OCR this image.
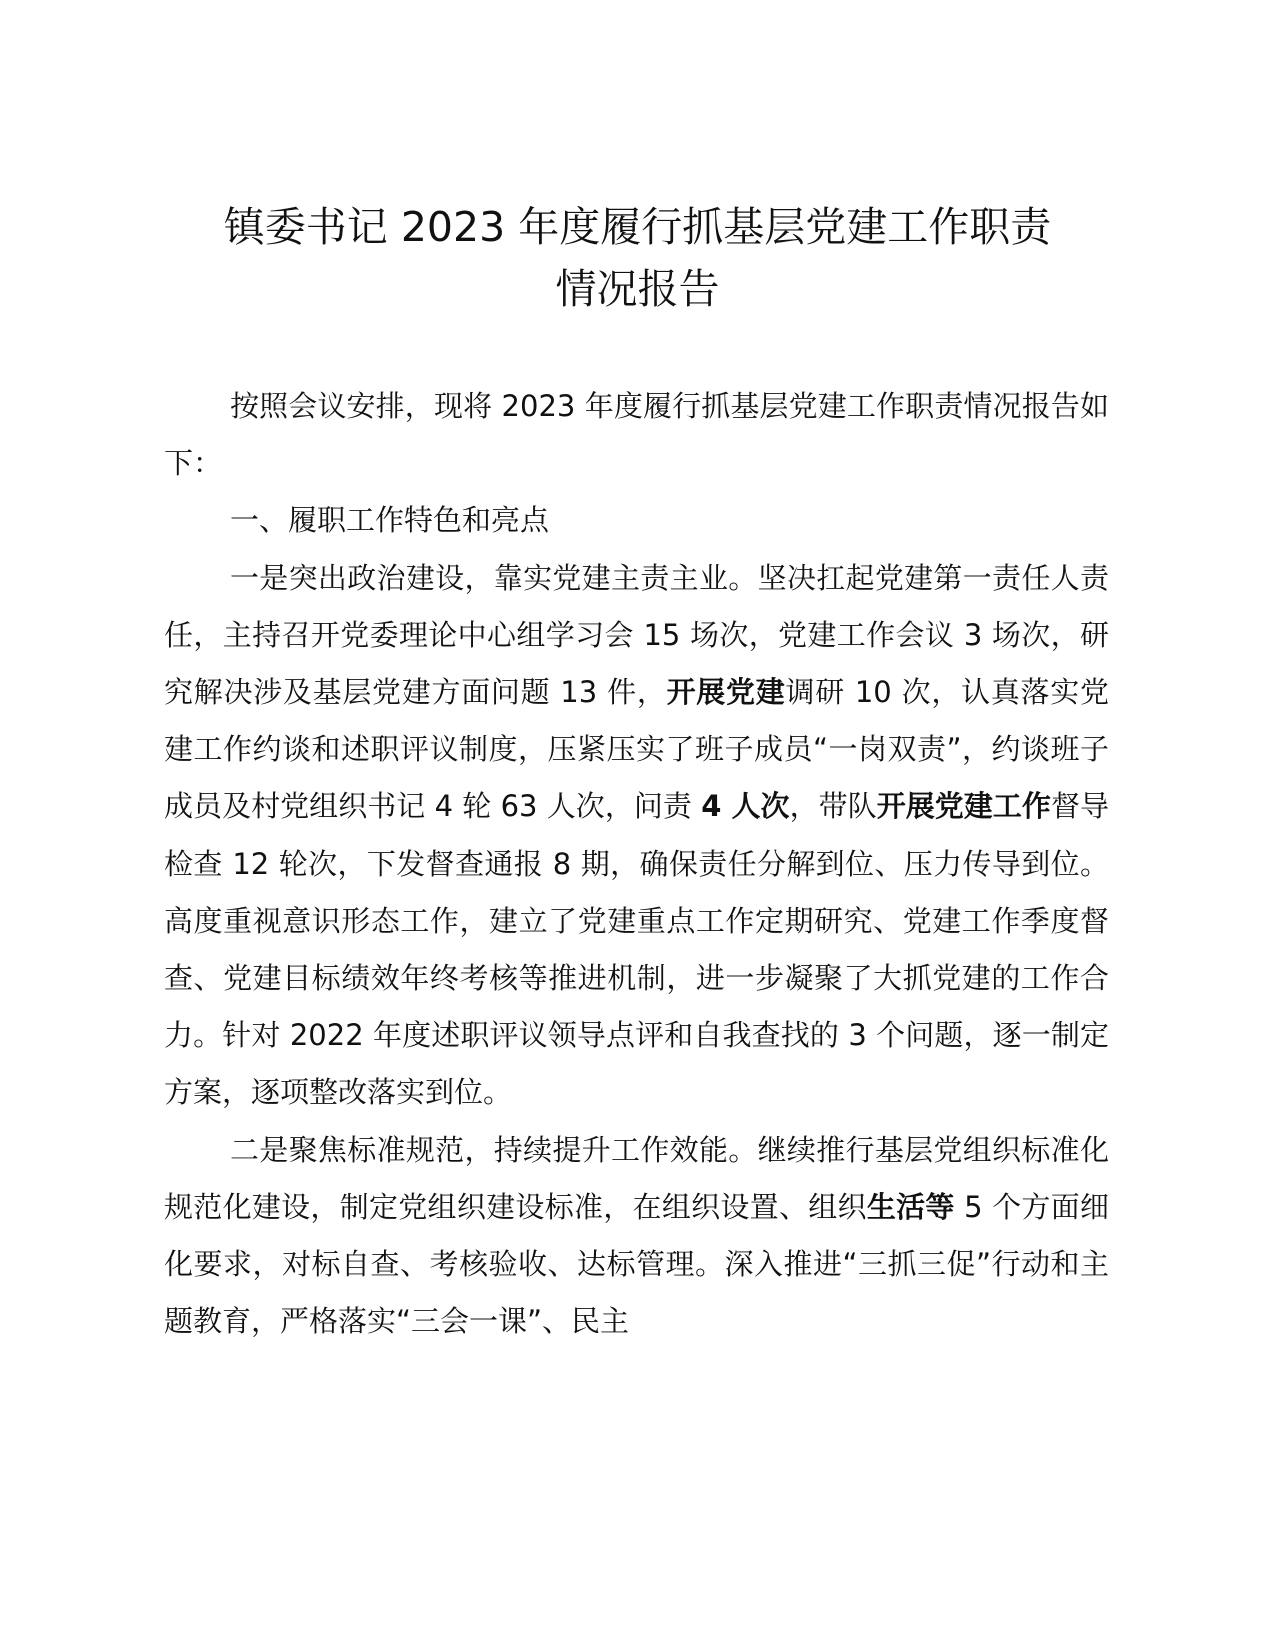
镇委书记 2023 年度履行抓基层党建工作职责
情况报告

按照会议安排，现将 2023 年度履行抓基层党建工作职责情况报告如下：

一、履职工作特色和亮点

一是突出政治建设，靠实党建主责主业。坚决扛起党建第一责任人责任，主持召开党委理论中心组学习会 15 场次，党建工作会议 3 场次，研究解决涉及基层党建方面问题 13 件，开展党建调研 10 次，认真落实党建工作约谈和述职评议制度，压紧压实了班子成员“一岗双责”，约谈班子成员及村党组织书记 4 轮 63 人次，问责 4 人次，带队开展党建工作督导检查 12 轮次，下发督查通报 8 期，确保责任分解到位、压力传导到位。高度重视意识形态工作，建立了党建重点工作定期研究、党建工作季度督查、党建目标绩效年终考核等推进机制，进一步凝聚了大抓党建的工作合力。针对 2022 年度述职评议领导点评和自我查找的 3 个问题，逐一制定方案，逐项整改落实到位。

二是聚焦标准规范，持续提升工作效能。继续推行基层党组织标准化规范化建设，制定党组织建设标准，在组织设置、组织生活等 5 个方面细化要求，对标自查、考核验收、达标管理。深入推进“三抓三促”行动和主题教育，严格落实“三会一课”、民主
